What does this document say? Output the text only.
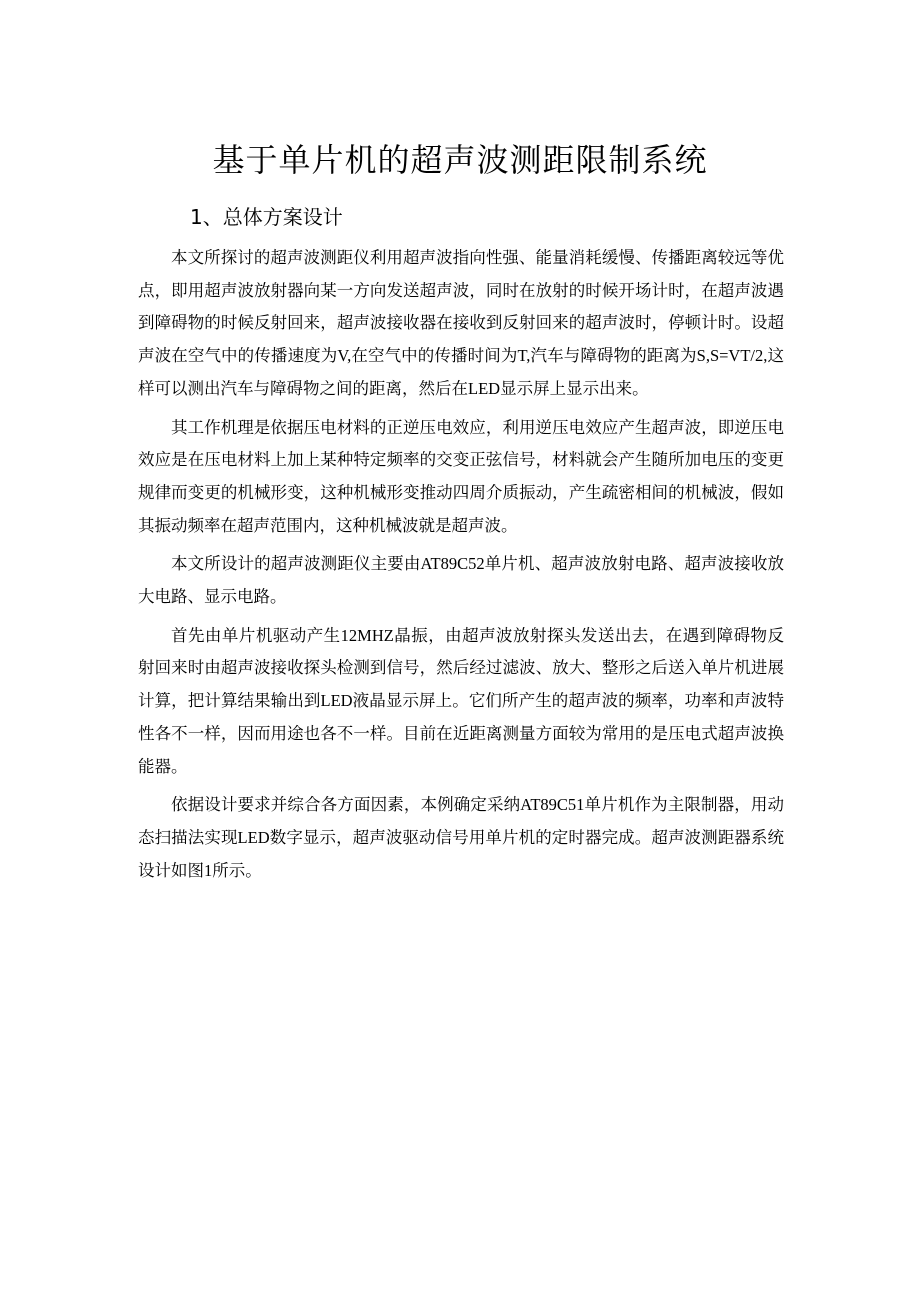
基于单片机的超声波测距限制系统
1、总体方案设计

本文所探讨的超声波测距仪利用超声波指向性强、能量消耗缓慢、传播距离较远等优点，即用超声波放射器向某一方向发送超声波，同时在放射的时候开场计时，在超声波遇到障碍物的时候反射回来，超声波接收器在接收到反射回来的超声波时，停顿计时。设超声波在空气中的传播速度为V,在空气中的传播时间为T,汽车与障碍物的距离为S,S=VT/2,这样可以测出汽车与障碍物之间的距离，然后在LED显示屏上显示出来。

其工作机理是依据压电材料的正逆压电效应，利用逆压电效应产生超声波，即逆压电效应是在压电材料上加上某种特定频率的交变正弦信号，材料就会产生随所加电压的变更规律而变更的机械形变，这种机械形变推动四周介质振动，产生疏密相间的机械波，假如其振动频率在超声范围内，这种机械波就是超声波。

本文所设计的超声波测距仪主要由AT89C52单片机、超声波放射电路、超声波接收放大电路、显示电路。

首先由单片机驱动产生12MHZ晶振，由超声波放射探头发送出去，在遇到障碍物反射回来时由超声波接收探头检测到信号，然后经过滤波、放大、整形之后送入单片机进展计算，把计算结果输出到LED液晶显示屏上。它们所产生的超声波的频率，功率和声波特性各不一样，因而用途也各不一样。目前在近距离测量方面较为常用的是压电式超声波换能器。

依据设计要求并综合各方面因素，本例确定采纳AT89C51单片机作为主限制器，用动态扫描法实现LED数字显示，超声波驱动信号用单片机的定时器完成。超声波测距器系统设计如图1所示。
